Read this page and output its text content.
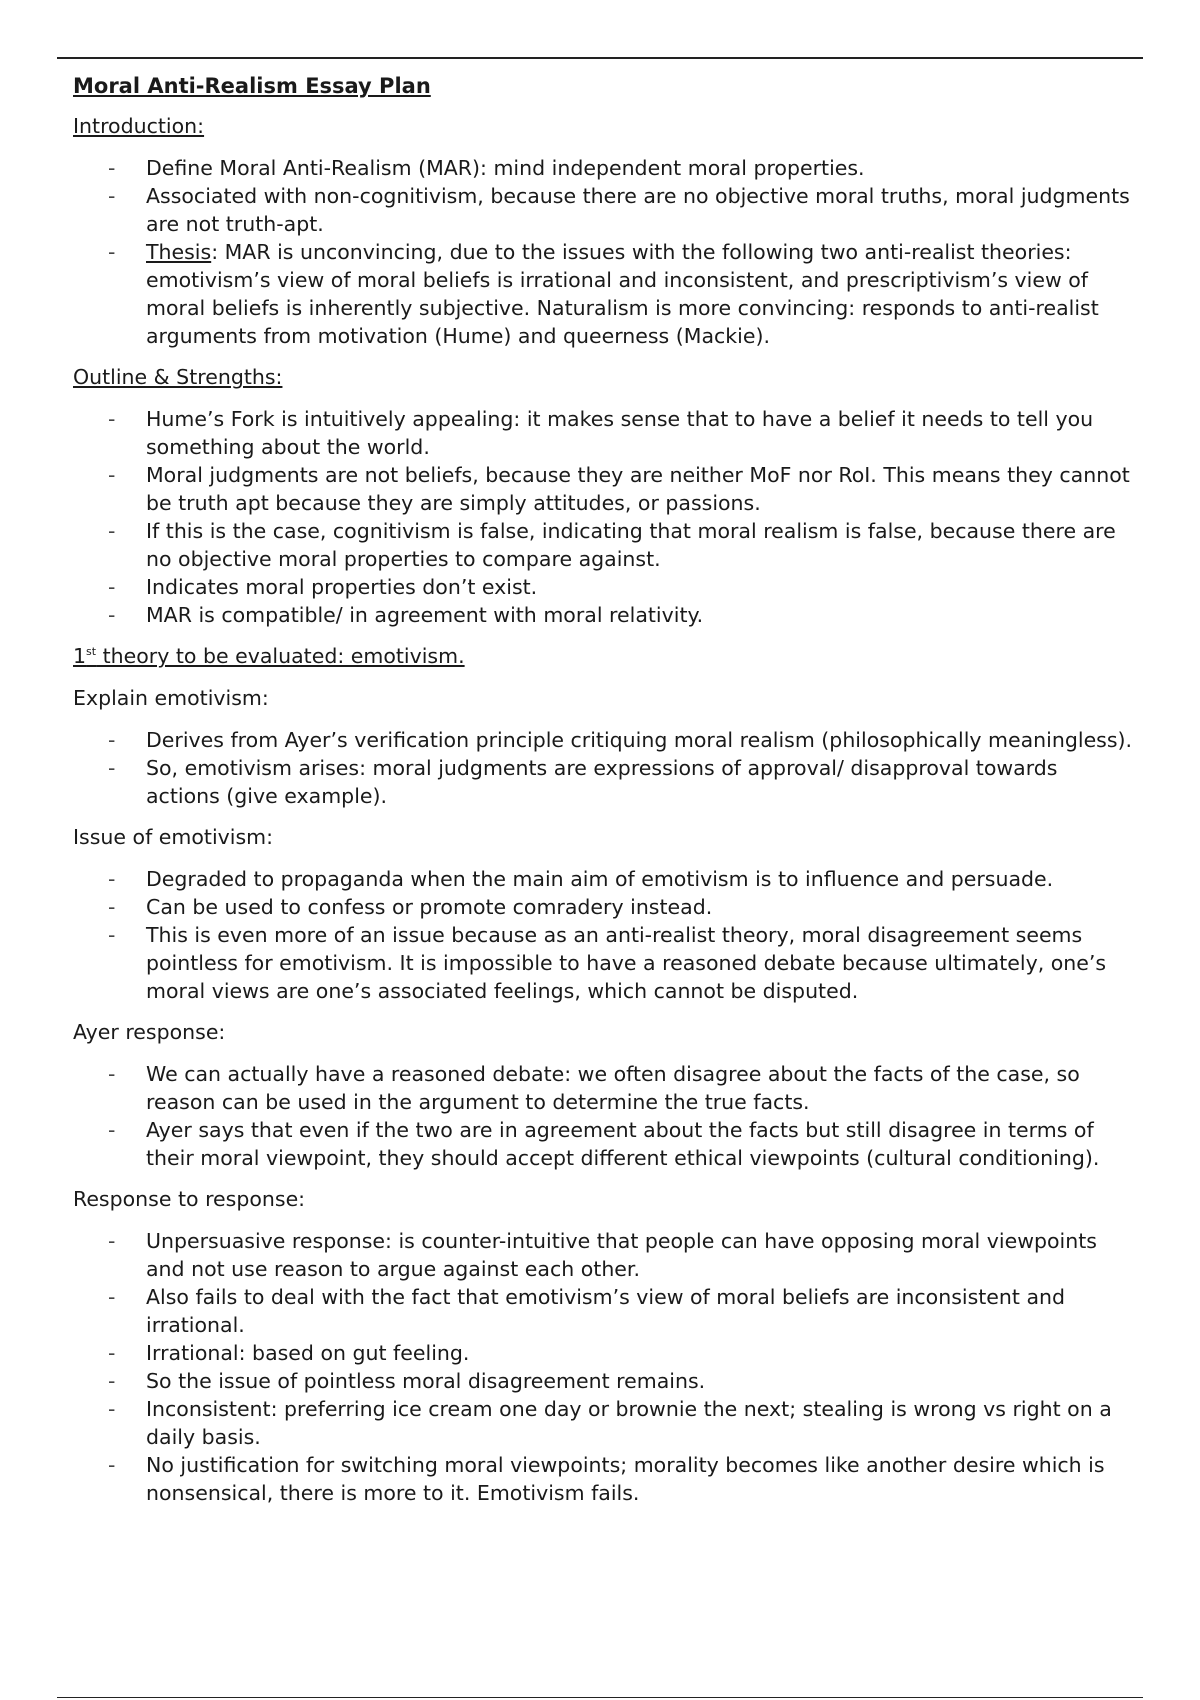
Moral Anti-Realism Essay Plan
Introduction:
- Define Moral Anti-Realism (MAR): mind independent moral properties.
- Associated with non-cognitivism, because there are no objective moral truths, moral judgments are not truth-apt.
- Thesis: MAR is unconvincing, due to the issues with the following two anti-realist theories: emotivism’s view of moral beliefs is irrational and inconsistent, and prescriptivism’s view of moral beliefs is inherently subjective. Naturalism is more convincing: responds to anti-realist arguments from motivation (Hume) and queerness (Mackie).
Outline & Strengths:
- Hume’s Fork is intuitively appealing: it makes sense that to have a belief it needs to tell you something about the world.
- Moral judgments are not beliefs, because they are neither MoF nor RoI. This means they cannot be truth apt because they are simply attitudes, or passions.
- If this is the case, cognitivism is false, indicating that moral realism is false, because there are no objective moral properties to compare against.
- Indicates moral properties don’t exist.
- MAR is compatible/ in agreement with moral relativity.
1st theory to be evaluated: emotivism.
Explain emotivism:
- Derives from Ayer’s verification principle critiquing moral realism (philosophically meaningless).
- So, emotivism arises: moral judgments are expressions of approval/ disapproval towards actions (give example).
Issue of emotivism:
- Degraded to propaganda when the main aim of emotivism is to influence and persuade.
- Can be used to confess or promote comradery instead.
- This is even more of an issue because as an anti-realist theory, moral disagreement seems pointless for emotivism. It is impossible to have a reasoned debate because ultimately, one’s moral views are one’s associated feelings, which cannot be disputed.
Ayer response:
- We can actually have a reasoned debate: we often disagree about the facts of the case, so reason can be used in the argument to determine the true facts.
- Ayer says that even if the two are in agreement about the facts but still disagree in terms of their moral viewpoint, they should accept different ethical viewpoints (cultural conditioning).
Response to response:
- Unpersuasive response: is counter-intuitive that people can have opposing moral viewpoints and not use reason to argue against each other.
- Also fails to deal with the fact that emotivism’s view of moral beliefs are inconsistent and irrational.
- Irrational: based on gut feeling.
- So the issue of pointless moral disagreement remains.
- Inconsistent: preferring ice cream one day or brownie the next; stealing is wrong vs right on a daily basis.
- No justification for switching moral viewpoints; morality becomes like another desire which is nonsensical, there is more to it. Emotivism fails.
